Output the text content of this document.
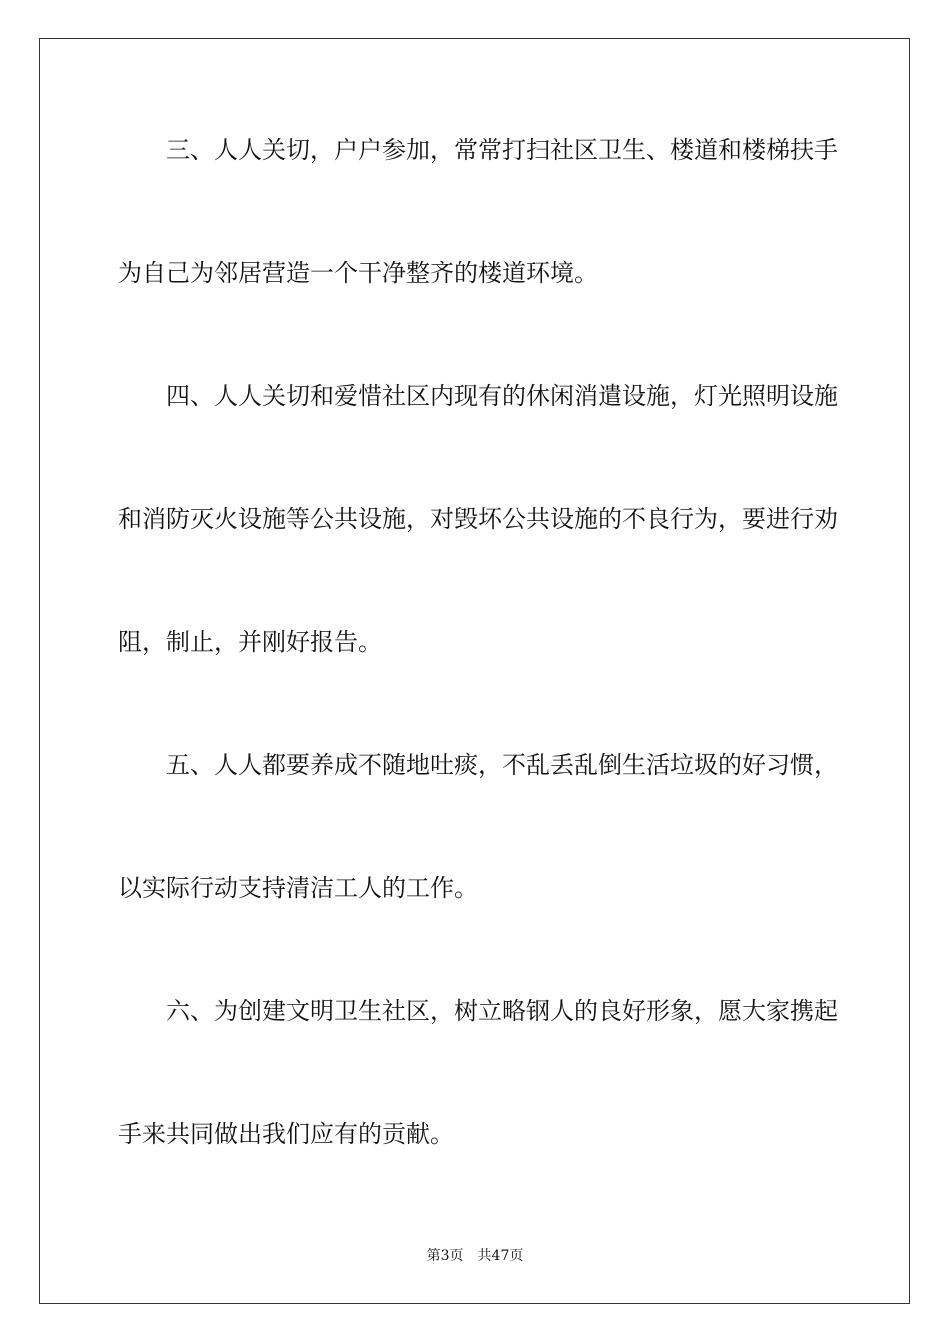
三、人人关切，户户参加，常常打扫社区卫生、楼道和楼梯扶手

为自己为邻居营造一个干净整齐的楼道环境。

四、人人关切和爱惜社区内现有的休闲消遣设施，灯光照明设施

和消防灭火设施等公共设施，对毁坏公共设施的不良行为，要进行劝

阻，制止，并刚好报告。

五、人人都要养成不随地吐痰，不乱丢乱倒生活垃圾的好习惯，

以实际行动支持清洁工人的工作。

六、为创建文明卫生社区，树立略钢人的良好形象，愿大家携起

手来共同做出我们应有的贡献。

第3页 共47页
